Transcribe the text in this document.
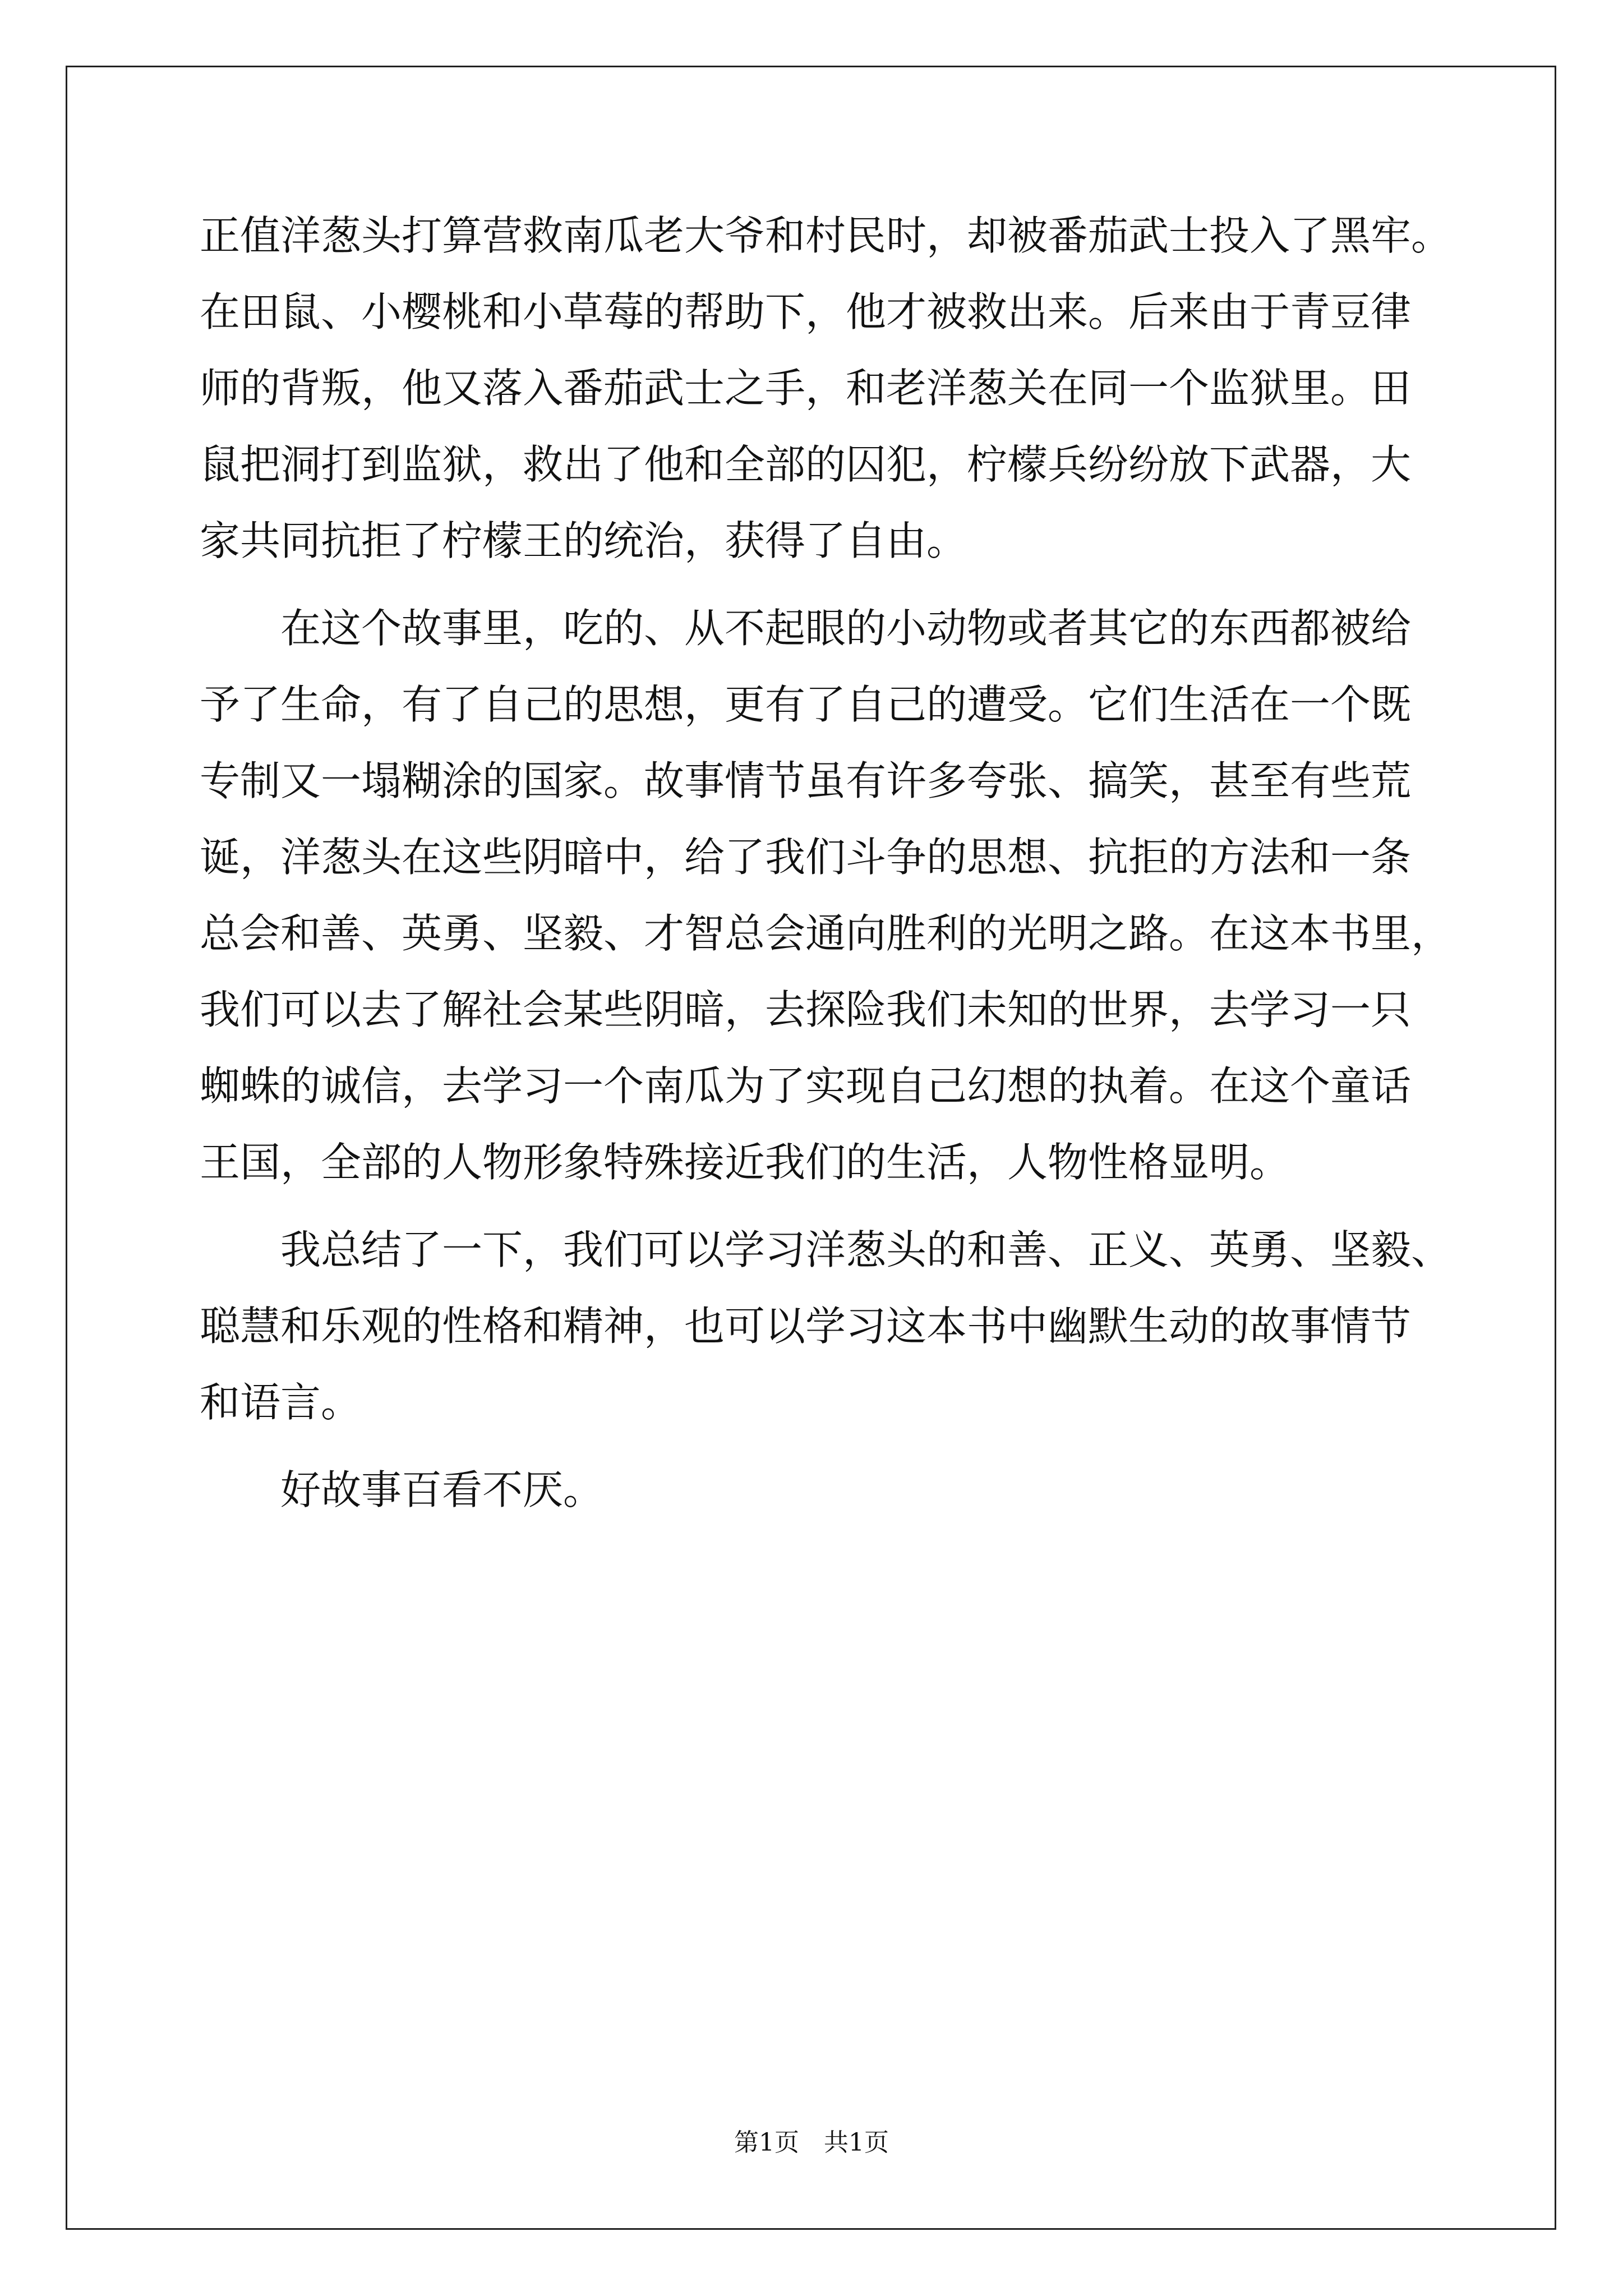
正值洋葱头打算营救南瓜老大爷和村民时，却被番茄武士投入了黑牢。
在田鼠、小樱桃和小草莓的帮助下，他才被救出来。后来由于青豆律
师的背叛，他又落入番茄武士之手，和老洋葱关在同一个监狱里。田
鼠把洞打到监狱，救出了他和全部的囚犯，柠檬兵纷纷放下武器，大
家共同抗拒了柠檬王的统治，获得了自由。
　　在这个故事里，吃的、从不起眼的小动物或者其它的东西都被给
予了生命，有了自己的思想，更有了自己的遭受。它们生活在一个既
专制又一塌糊涂的国家。故事情节虽有许多夸张、搞笑，甚至有些荒
诞，洋葱头在这些阴暗中，给了我们斗争的思想、抗拒的方法和一条
总会和善、英勇、坚毅、才智总会通向胜利的光明之路。在这本书里，
我们可以去了解社会某些阴暗，去探险我们未知的世界，去学习一只
蜘蛛的诚信，去学习一个南瓜为了实现自己幻想的执着。在这个童话
王国，全部的人物形象特殊接近我们的生活，人物性格显明。
　　我总结了一下，我们可以学习洋葱头的和善、正义、英勇、坚毅、
聪慧和乐观的性格和精神，也可以学习这本书中幽默生动的故事情节
和语言。
　　好故事百看不厌。
第1页　共1页
